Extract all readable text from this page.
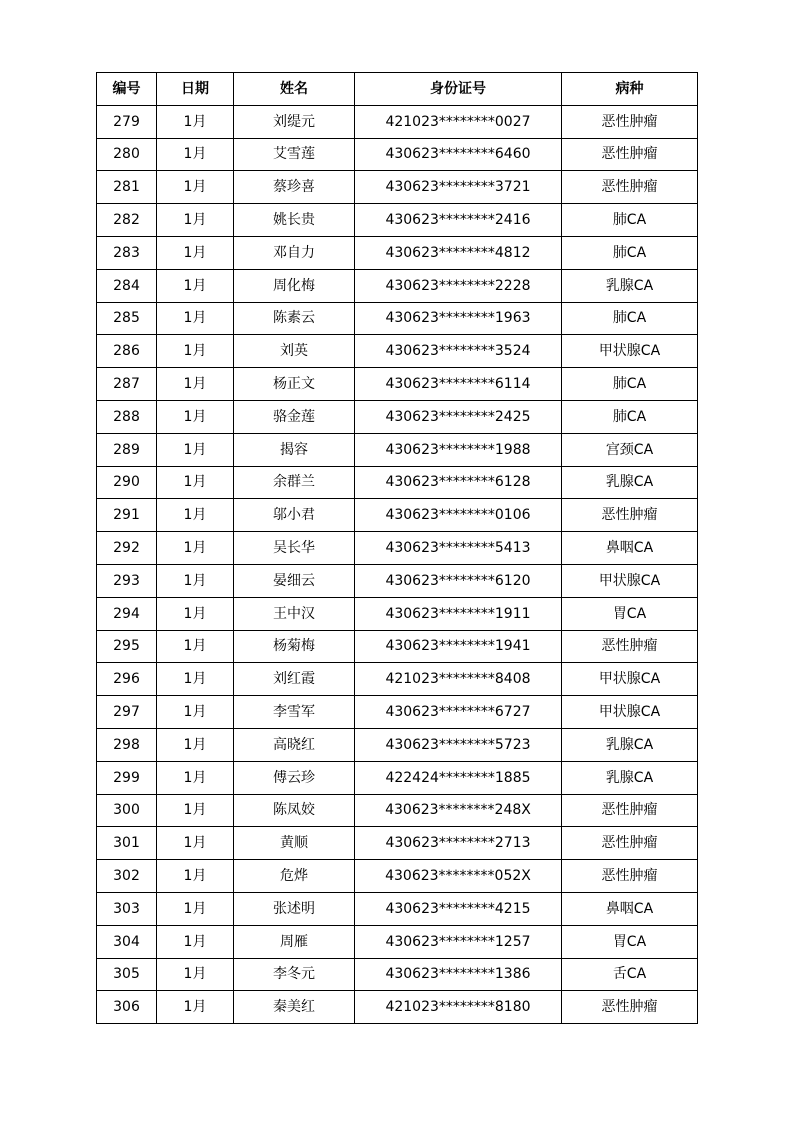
编号	日期	姓名	身份证号	病种
279	1月	刘缇元	421023********0027	恶性肿瘤
280	1月	艾雪莲	430623********6460	恶性肿瘤
281	1月	蔡珍喜	430623********3721	恶性肿瘤
282	1月	姚长贵	430623********2416	肺CA
283	1月	邓自力	430623********4812	肺CA
284	1月	周化梅	430623********2228	乳腺CA
285	1月	陈素云	430623********1963	肺CA
286	1月	刘英	430623********3524	甲状腺CA
287	1月	杨正文	430623********6114	肺CA
288	1月	骆金莲	430623********2425	肺CA
289	1月	揭容	430623********1988	宫颈CA
290	1月	余群兰	430623********6128	乳腺CA
291	1月	邬小君	430623********0106	恶性肿瘤
292	1月	吴长华	430623********5413	鼻咽CA
293	1月	晏细云	430623********6120	甲状腺CA
294	1月	王中汉	430623********1911	胃CA
295	1月	杨菊梅	430623********1941	恶性肿瘤
296	1月	刘红霞	421023********8408	甲状腺CA
297	1月	李雪军	430623********6727	甲状腺CA
298	1月	高晓红	430623********5723	乳腺CA
299	1月	傅云珍	422424********1885	乳腺CA
300	1月	陈凤姣	430623********248X	恶性肿瘤
301	1月	黄顺	430623********2713	恶性肿瘤
302	1月	危烨	430623********052X	恶性肿瘤
303	1月	张述明	430623********4215	鼻咽CA
304	1月	周雁	430623********1257	胃CA
305	1月	李冬元	430623********1386	舌CA
306	1月	秦美红	421023********8180	恶性肿瘤
